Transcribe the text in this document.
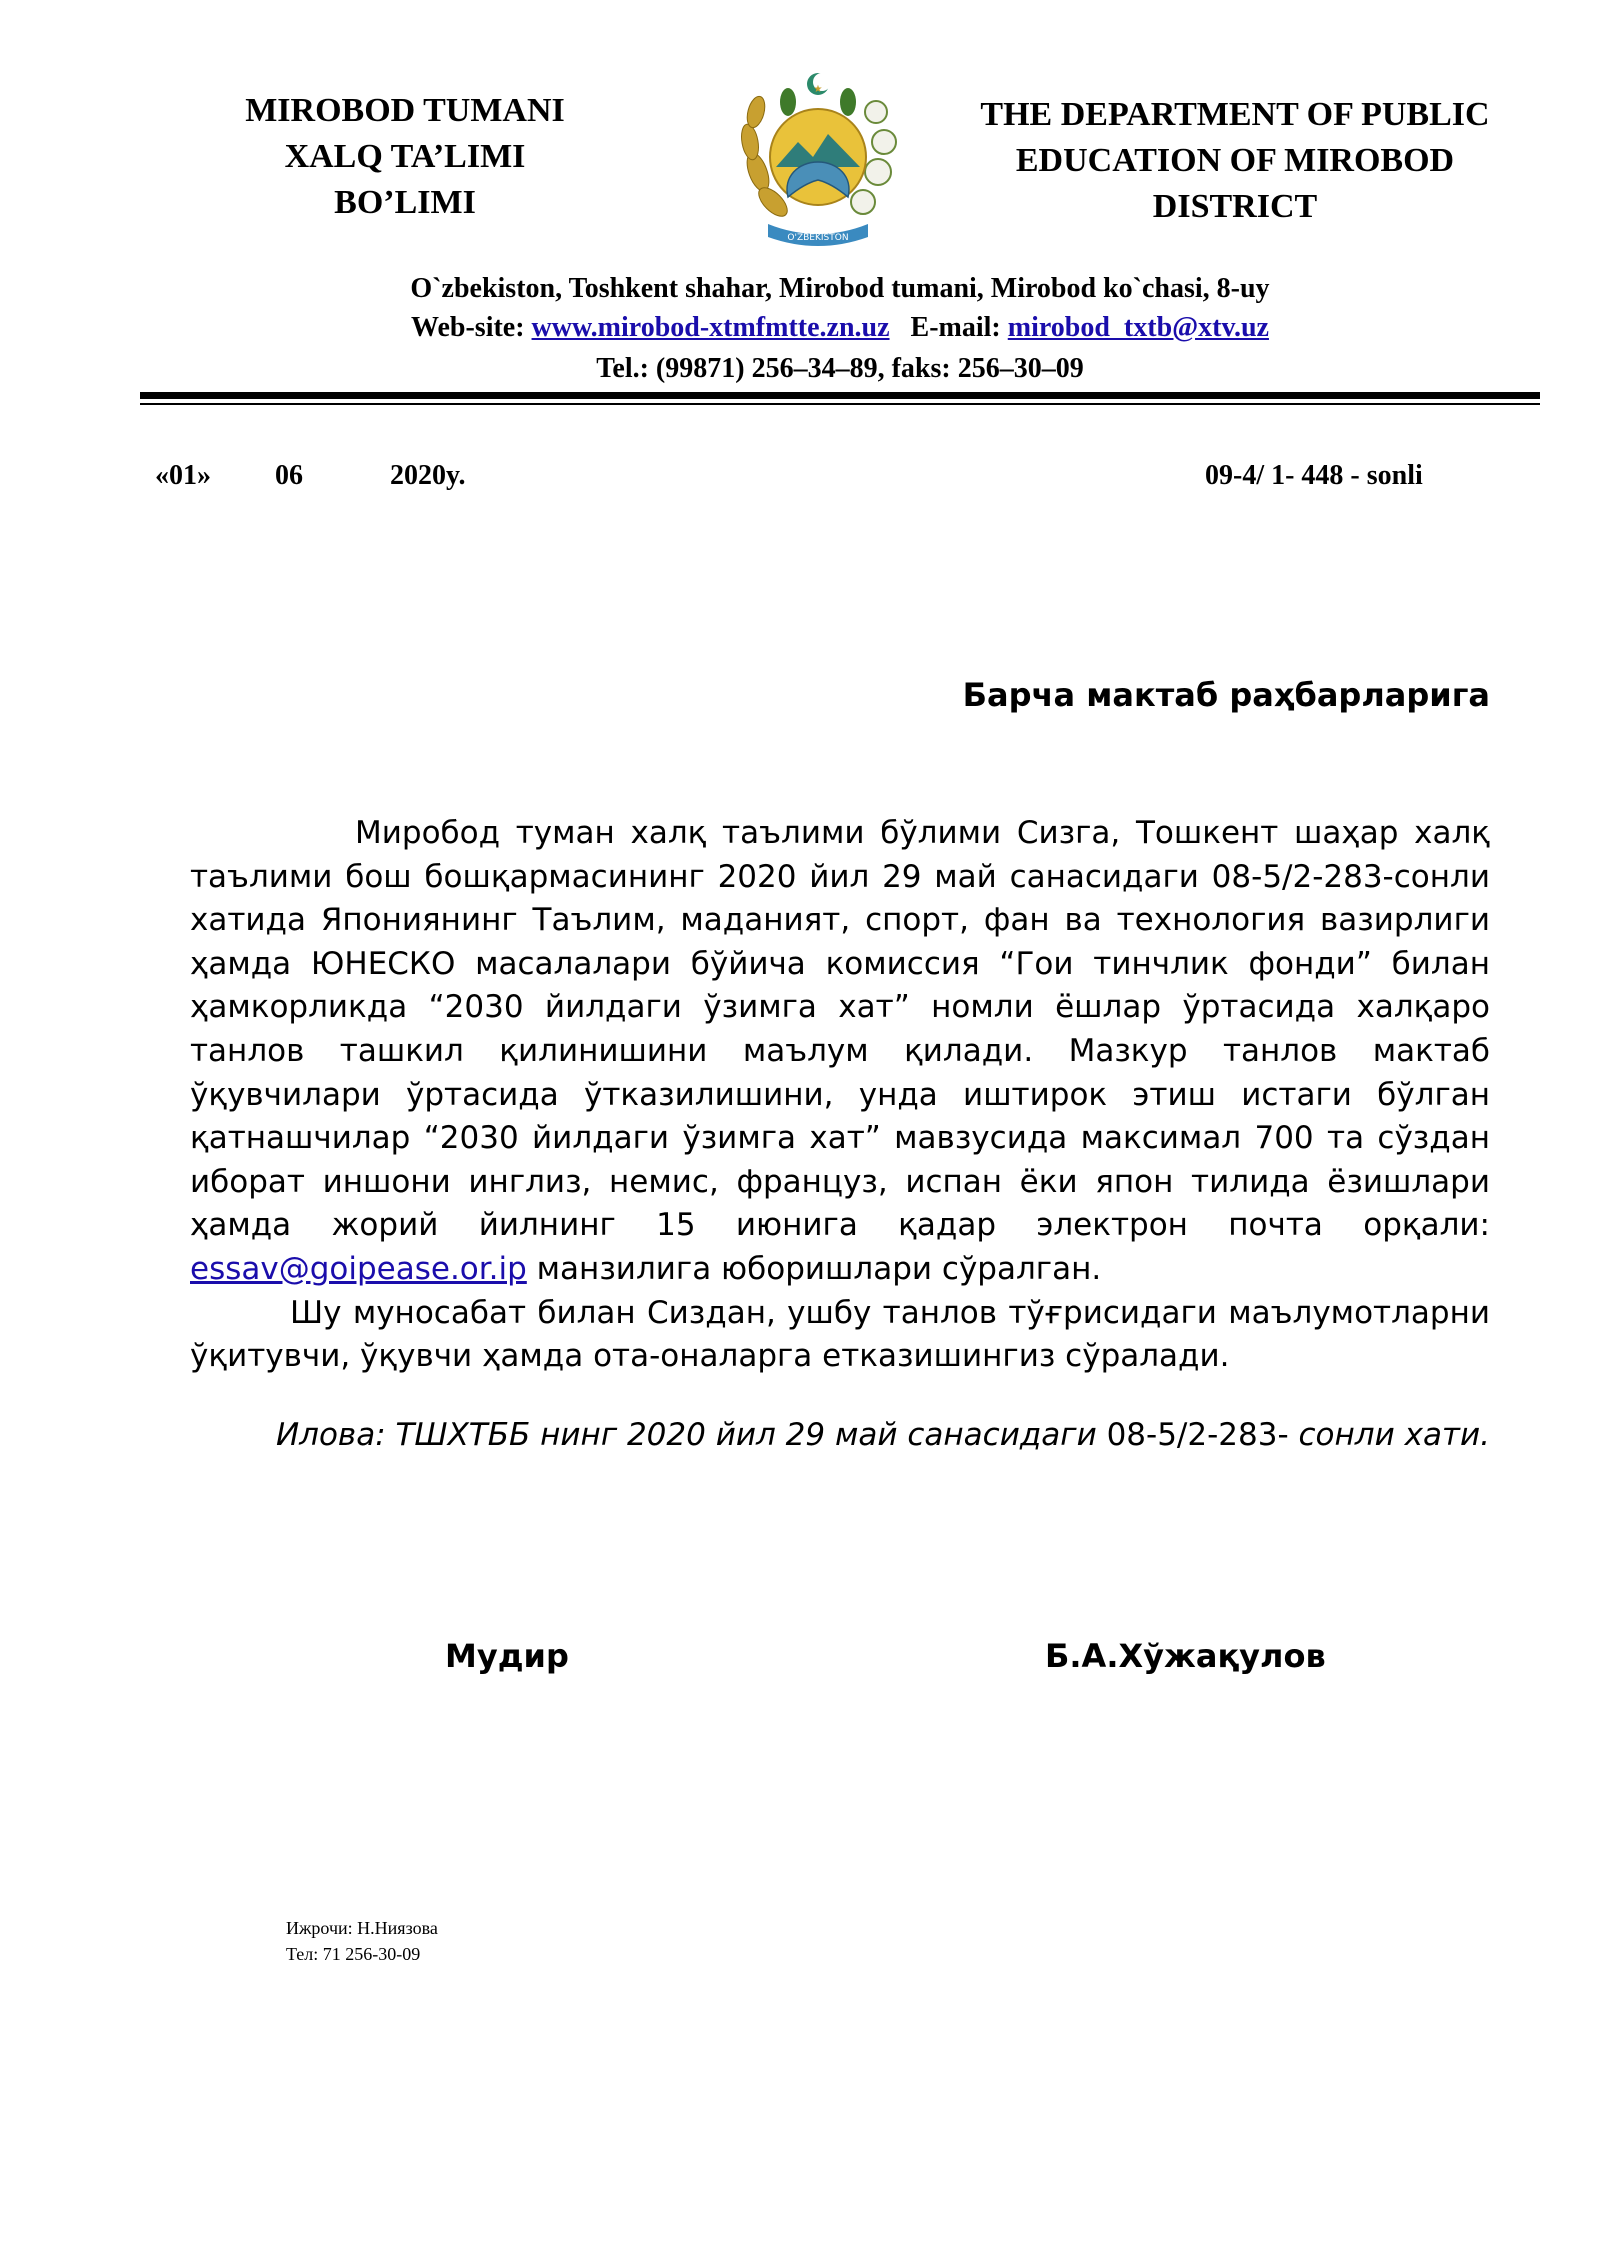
MIROBOD TUMANI
XALQ TA’LIMI
BO’LIMI
★
O'ZBEKISTON
THE DEPARTMENT OF PUBLIC
EDUCATION OF MIROBOD
DISTRICT
O`zbekiston, Toshkent shahar, Mirobod tumani, Mirobod ko`chasi, 8-uy
Web-site: www.mirobod-xtmfmtte.zn.uz E-mail: mirobod_txtb@xtv.uz
Tel.: (99871) 256–34–89, faks: 256–30–09
«01» 06	2020y.	09-4/ 1- 448 - sonli
Барча мактаб раҳбарларига

Миробод туман халқ таълими бўлими Сизга, Тошкент шаҳар халқ таълими бош бошқармасининг 2020 йил 29 май санасидаги 08-5/2-283-сонли хатида Япониянинг Таълим, маданият, спорт, фан ва технология вазирлиги ҳамда ЮНЕСКО масалалари бўйича комиссия “Гои тинчлик фонди” билан ҳамкорликда “2030 йилдаги ўзимга хат” номли ёшлар ўртасида халқаро танлов ташкил қилинишини маълум қилади. Мазкур танлов мактаб ўқувчилари ўртасида ўтказилишини, унда иштирок этиш истаги бўлган қатнашчилар “2030 йилдаги ўзимга хат” мавзусида максимал 700 та сўздан иборат иншони инглиз, немис, француз, испан ёки япон тилида ёзишлари ҳамда жорий йилнинг 15 июнига қадар электрон почта орқали: essav@goipease.or.ip манзилига юборишлари сўралган.

Шу муносабат билан Сиздан, ушбу танлов тўғрисидаги маълумотларни ўқитувчи, ўқувчи ҳамда ота-оналарга етказишингиз сўралади.

Илова: ТШХТББ нинг 2020 йил 29 май санасидаги 08-5/2-283- сонли хати.
Мудир	Б.А.Хўжақулов
Ижрочи: Н.Ниязова
Тел: 71 256-30-09
